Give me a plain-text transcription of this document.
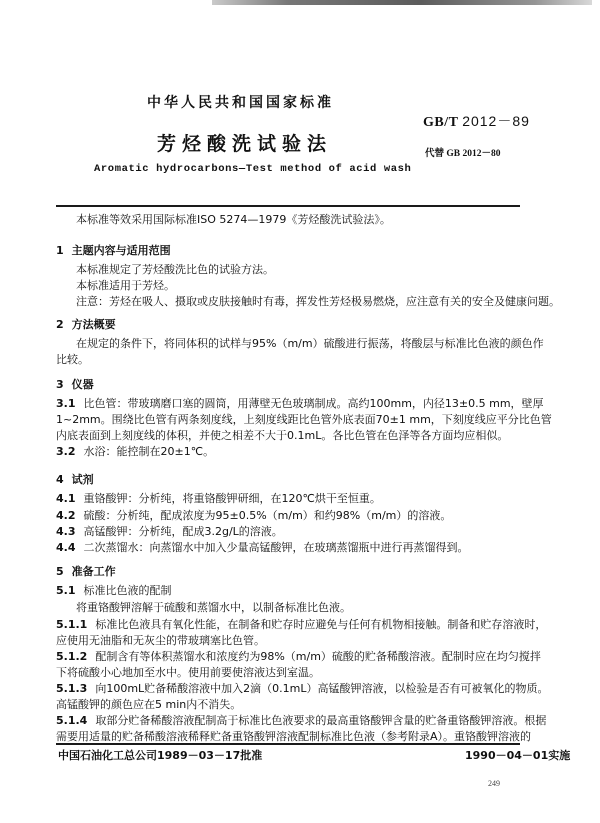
中华人民共和国国家标准
GB/T 2012－89
芳烃酸洗试验法	代替 GB 2012－80
Aromatic hydrocarbons—Test method of acid wash
本标准等效采用国际标准ISO 5274—1979《芳烃酸洗试验法》。
1 主题内容与适用范围
本标准规定了芳烃酸洗比色的试验方法。
本标准适用于芳烃。
注意：芳烃在吸人、摄取或皮肤接触时有毒，挥发性芳烃极易燃烧，应注意有关的安全及健康问题。
2 方法概要
在规定的条件下，将同体积的试样与95%（m/m）硫酸进行振荡，将酸层与标准比色液的颜色作
比较。
3 仪器
3.1 比色管：带玻璃磨口塞的圆筒，用薄壁无色玻璃制成。高约100mm，内径13±0.5 mm，壁厚
1~2mm。围绕比色管有两条刻度线，上刻度线距比色管外底表面70±1 mm，下刻度线应平分比色管
内底表面到上刻度线的体积，并使之相差不大于0.1mL。各比色管在色泽等各方面均应相似。
3.2 水浴：能控制在20±1℃。
4 试剂
4.1 重铬酸钾：分析纯，将重铬酸钾研细，在120℃烘干至恒重。
4.2 硫酸：分析纯，配成浓度为95±0.5%（m/m）和约98%（m/m）的溶液。
4.3 高锰酸钾：分析纯，配成3.2g/L的溶液。
4.4 二次蒸馏水：向蒸馏水中加入少量高锰酸钾，在玻璃蒸馏瓶中进行再蒸馏得到。
5 准备工作
5.1 标准比色液的配制
将重铬酸钾溶解于硫酸和蒸馏水中，以制备标准比色液。
5.1.1 标准比色液具有氧化性能，在制备和贮存时应避免与任何有机物相接触。制备和贮存溶液时，
应使用无油脂和无灰尘的带玻璃塞比色管。
5.1.2 配制含有等体积蒸馏水和浓度约为98%（m/m）硫酸的贮备稀酸溶液。配制时应在均匀搅拌
下将硫酸小心地加至水中。使用前要使溶液达到室温。
5.1.3 向100mL贮备稀酸溶液中加入2滴（0.1mL）高锰酸钾溶液，以检验是否有可被氧化的物质。
高锰酸钾的颜色应在5 min内不消失。
5.1.4 取部分贮备稀酸溶液配制高于标准比色液要求的最高重铬酸钾含量的贮备重铬酸钾溶液。根据
需要用适量的贮备稀酸溶液稀释贮备重铬酸钾溶液配制标准比色液（参考附录A）。重铬酸钾溶液的
中国石油化工总公司1989－03－17批准	1990－04－01实施
249
